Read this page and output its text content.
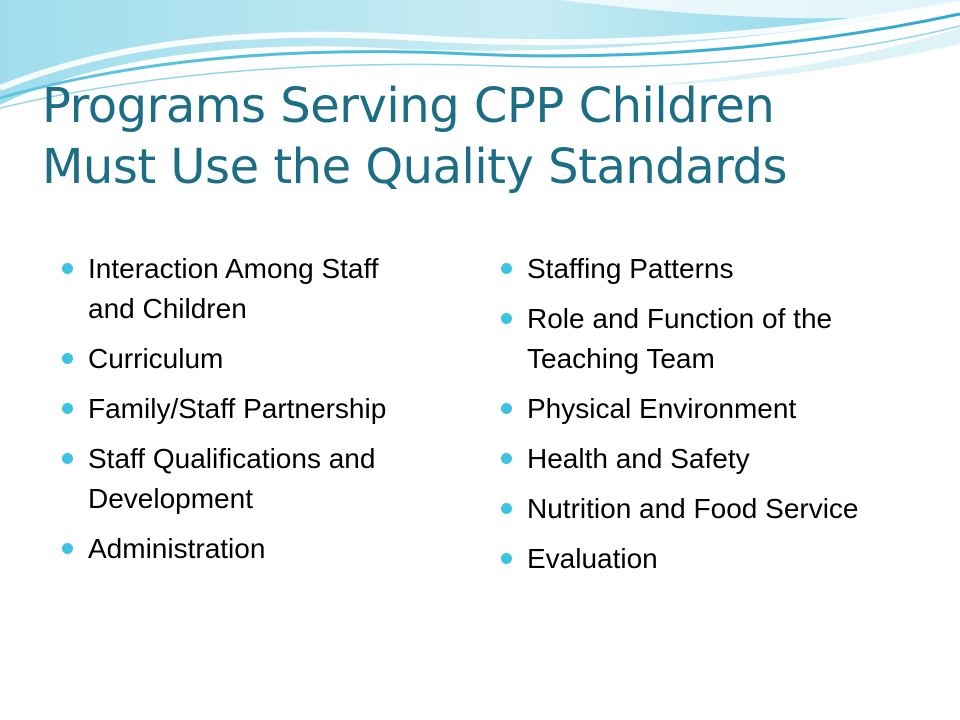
Programs Serving CPP Children
Must Use the Quality Standards
Interaction Among Staff and Children
Curriculum
Family/Staff Partnership
Staff Qualifications and Development
Administration
Staffing Patterns
Role and Function of the Teaching Team
Physical Environment
Health and Safety
Nutrition and Food Service
Evaluation
